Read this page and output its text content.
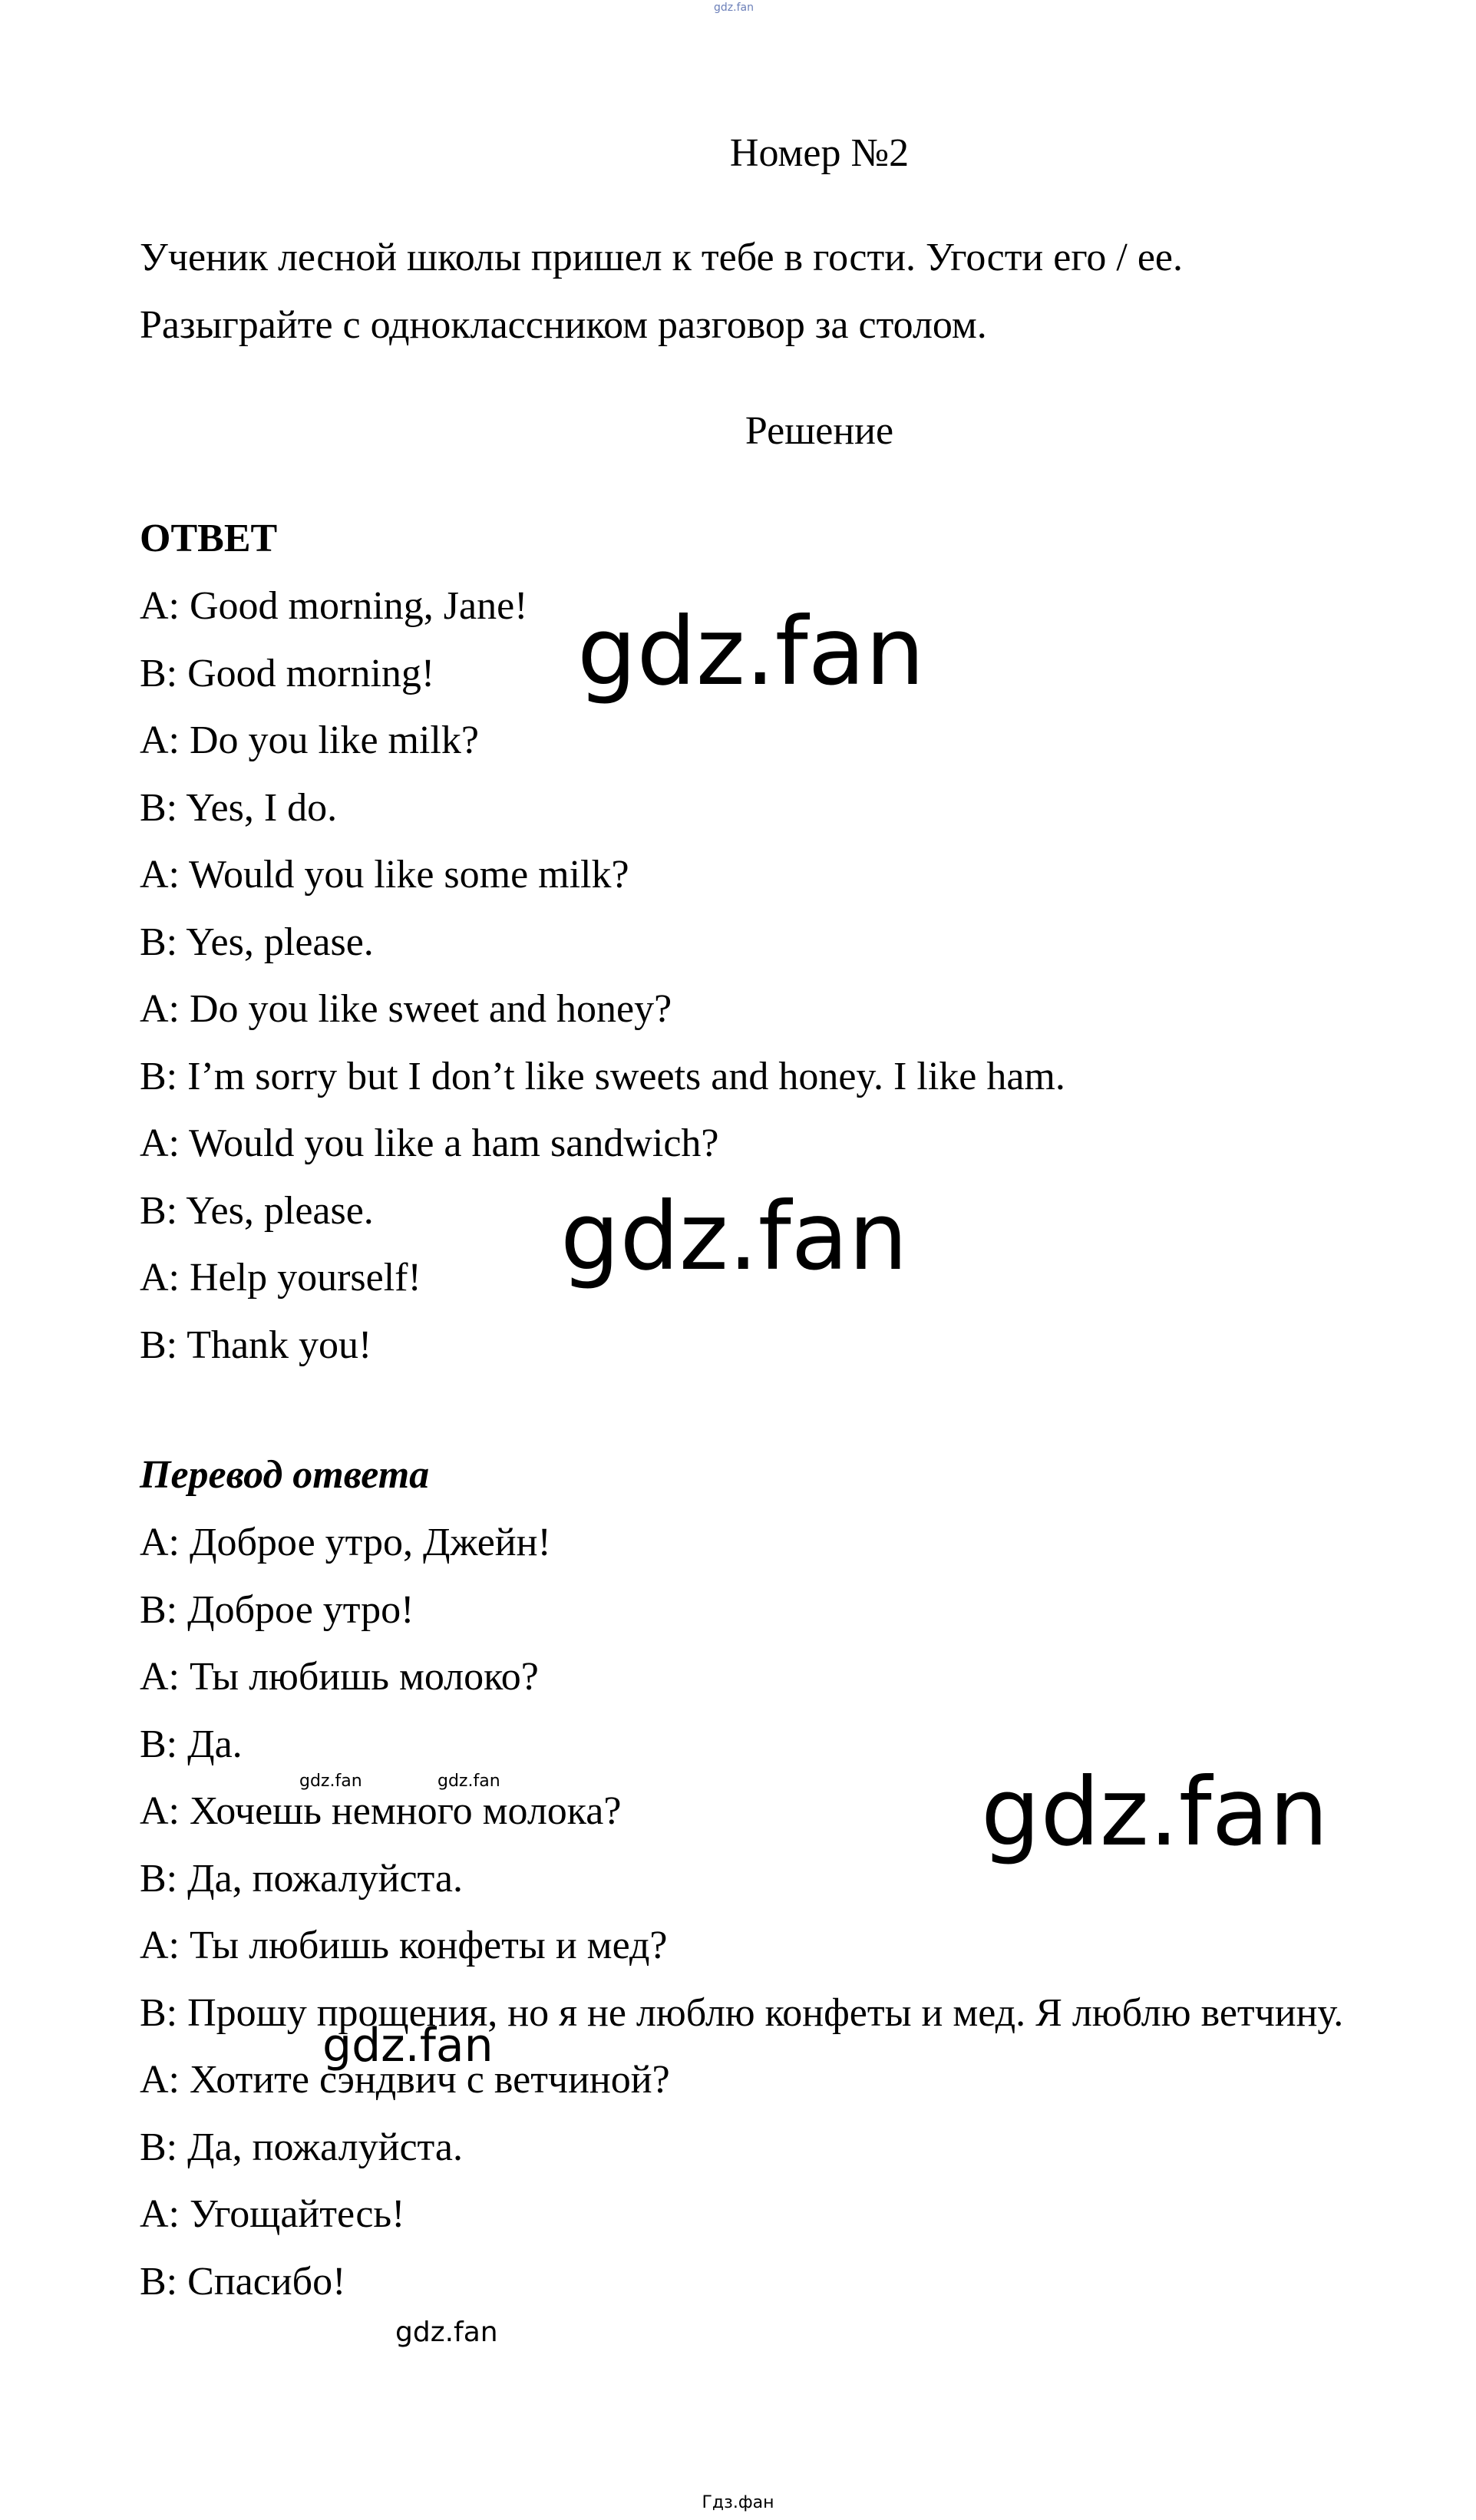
gdz.fan
Номер №2
Ученик лесной школы пришел к тебе в гости. Угости его / ее.
Разыграйте с одноклассником разговор за столом.
Решение
ОТВЕТ
A: Good morning, Jane!
B: Good morning!
A: Do you like milk?
B: Yes, I do.
A: Would you like some milk?
B: Yes, please.
A: Do you like sweet and honey?
B: I’m sorry but I don’t like sweets and honey. I like ham.
A: Would you like a ham sandwich?
B: Yes, please.
A: Help yourself!
B: Thank you!
Перевод ответа
A: Доброе утро, Джейн!
B: Доброе утро!
A: Ты любишь молоко?
B: Да.
A: Хочешь немного молока?
B: Да, пожалуйста.
A: Ты любишь конфеты и мед?
B: Прошу прощения, но я не люблю конфеты и мед. Я люблю ветчину.
A: Хотите сэндвич с ветчиной?
B: Да, пожалуйста.
A: Угощайтесь!
B: Спасибо!
gdz.fan
gdz.fan
gdz.fan
gdz.fan
gdz.fan	gdz.fan
gdz.fan
Гдз.фан
